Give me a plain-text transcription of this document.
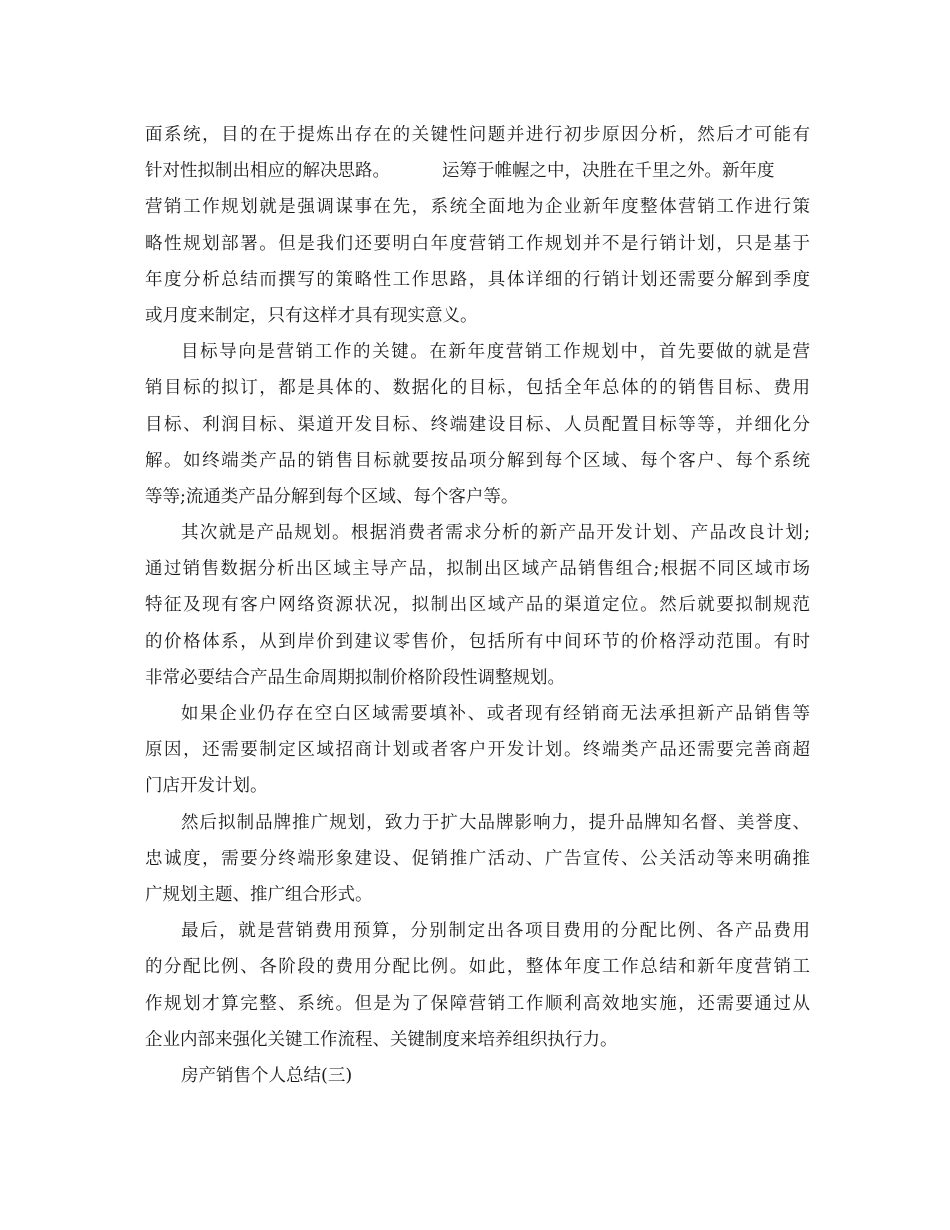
面系统，目的在于提炼出存在的关键性问题并进行初步原因分析，然后才可能有
针对性拟制出相应的解决思路。	运筹于帷幄之中，决胜在千里之外。新年度
营销工作规划就是强调谋事在先，系统全面地为企业新年度整体营销工作进行策
略性规划部署。但是我们还要明白年度营销工作规划并不是行销计划，只是基于
年度分析总结而撰写的策略性工作思路，具体详细的行销计划还需要分解到季度
或月度来制定，只有这样才具有现实意义。
目标导向是营销工作的关键。在新年度营销工作规划中，首先要做的就是营
销目标的拟订，都是具体的、数据化的目标，包括全年总体的的销售目标、费用
目标、利润目标、渠道开发目标、终端建设目标、人员配置目标等等，并细化分
解。如终端类产品的销售目标就要按品项分解到每个区域、每个客户、每个系统
等等;流通类产品分解到每个区域、每个客户等。
其次就是产品规划。根据消费者需求分析的新产品开发计划、产品改良计划;
通过销售数据分析出区域主导产品，拟制出区域产品销售组合;根据不同区域市场
特征及现有客户网络资源状况，拟制出区域产品的渠道定位。然后就要拟制规范
的价格体系，从到岸价到建议零售价，包括所有中间环节的价格浮动范围。有时
非常必要结合产品生命周期拟制价格阶段性调整规划。
如果企业仍存在空白区域需要填补、或者现有经销商无法承担新产品销售等
原因，还需要制定区域招商计划或者客户开发计划。终端类产品还需要完善商超
门店开发计划。
然后拟制品牌推广规划，致力于扩大品牌影响力，提升品牌知名督、美誉度、
忠诚度，需要分终端形象建设、促销推广活动、广告宣传、公关活动等来明确推
广规划主题、推广组合形式。
最后，就是营销费用预算，分别制定出各项目费用的分配比例、各产品费用
的分配比例、各阶段的费用分配比例。如此，整体年度工作总结和新年度营销工
作规划才算完整、系统。但是为了保障营销工作顺利高效地实施，还需要通过从
企业内部来强化关键工作流程、关键制度来培养组织执行力。
房产销售个人总结(三)
